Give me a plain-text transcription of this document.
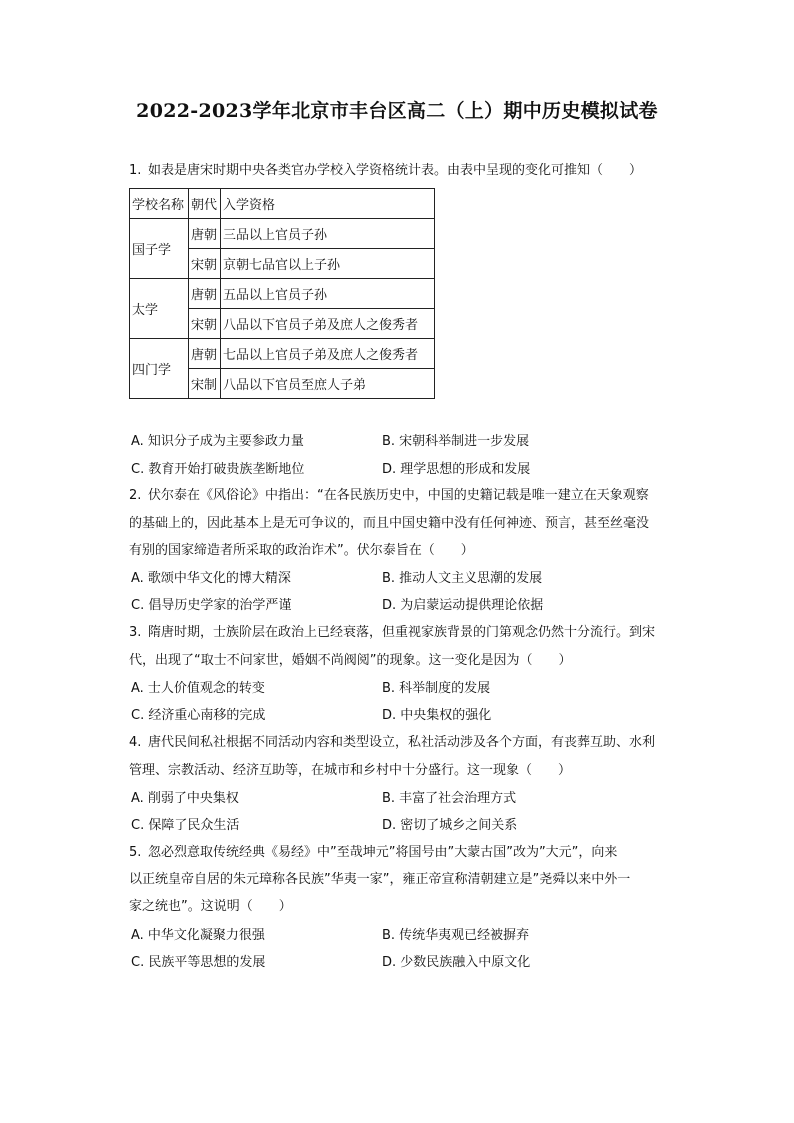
2022-2023学年北京市丰台区高二（上）期中历史模拟试卷
1. 如表是唐宋时期中央各类官办学校入学资格统计表。由表中呈现的变化可推知（　　）
学校名称	朝代	入学资格
国子学	唐朝	三品以上官员子孙
	宋朝	京朝七品官以上子孙
太学	唐朝	五品以上官员子孙
	宋朝	八品以下官员子弟及庶人之俊秀者
四门学	唐朝	七品以上官员子弟及庶人之俊秀者
	宋制	八品以下官员至庶人子弟
A. 知识分子成为主要参政力量	B. 宋朝科举制进一步发展
C. 教育开始打破贵族垄断地位	D. 理学思想的形成和发展
2. 伏尔泰在《风俗论》中指出：“在各民族历史中，中国的史籍记载是唯一建立在天象观察
的基础上的，因此基本上是无可争议的，而且中国史籍中没有任何神迹、预言，甚至丝毫没
有别的国家缔造者所采取的政治诈术”。伏尔泰旨在（　　）
A. 歌颂中华文化的博大精深	B. 推动人文主义思潮的发展
C. 倡导历史学家的治学严谨	D. 为启蒙运动提供理论依据
3. 隋唐时期，士族阶层在政治上已经衰落，但重视家族背景的门第观念仍然十分流行。到宋
代，出现了“取士不问家世，婚姻不尚阀阅”的现象。这一变化是因为（　　）
A. 士人价值观念的转变	B. 科举制度的发展
C. 经济重心南移的完成	D. 中央集权的强化
4. 唐代民间私社根据不同活动内容和类型设立，私社活动涉及各个方面，有丧葬互助、水利
管理、宗教活动、经济互助等，在城市和乡村中十分盛行。这一现象（　　）
A. 削弱了中央集权	B. 丰富了社会治理方式
C. 保障了民众生活	D. 密切了城乡之间关系
5. 忽必烈意取传统经典《易经》中”至哉坤元”将国号由”大蒙古国”改为”大元”，向来
以正统皇帝自居的朱元璋称各民族”华夷一家”，雍正帝宣称清朝建立是”尧舜以来中外一
家之统也”。这说明（　　）
A. 中华文化凝聚力很强	B. 传统华夷观已经被摒弃
C. 民族平等思想的发展	D. 少数民族融入中原文化
